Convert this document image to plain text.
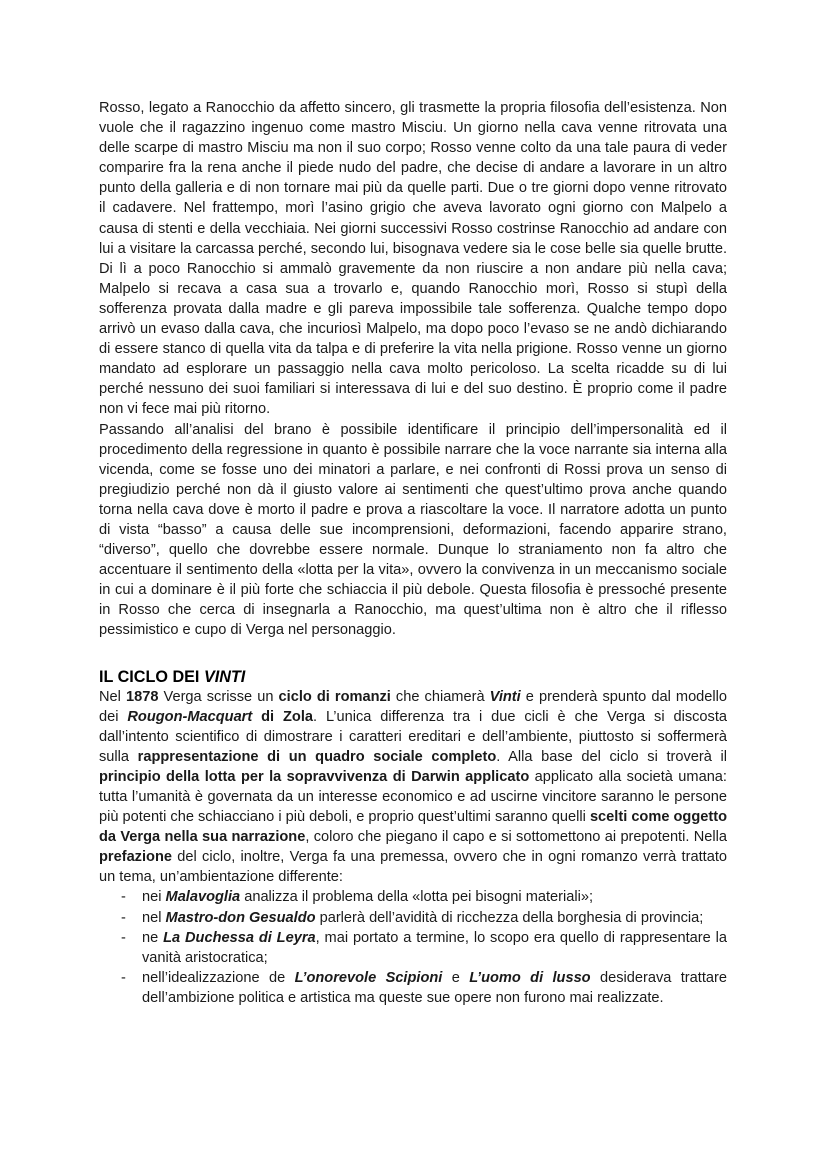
Rosso, legato a Ranocchio da affetto sincero, gli trasmette la propria filosofia dell’esistenza. Non vuole che il ragazzino ingenuo come mastro Misciu. Un giorno nella cava venne ritrovata una delle scarpe di mastro Misciu ma non il suo corpo; Rosso venne colto da una tale paura di veder comparire fra la rena anche il piede nudo del padre, che decise di andare a lavorare in un altro punto della galleria e di non tornare mai più da quelle parti. Due o tre giorni dopo venne ritrovato il cadavere. Nel frattempo, morì l’asino grigio che aveva lavorato ogni giorno con Malpelo a causa di stenti e della vecchiaia. Nei giorni successivi Rosso costrinse Ranocchio ad andare con lui a visitare la carcassa perché, secondo lui, bisognava vedere sia le cose belle sia quelle brutte. Di lì a poco Ranocchio si ammalò gravemente da non riuscire a non andare più nella cava; Malpelo si recava a casa sua a trovarlo e, quando Ranocchio morì, Rosso si stupì della sofferenza provata dalla madre e gli pareva impossibile tale sofferenza. Qualche tempo dopo arrivò un evaso dalla cava, che incuriosì Malpelo, ma dopo poco l’evaso se ne andò dichiarando di essere stanco di quella vita da talpa e di preferire la vita nella prigione. Rosso venne un giorno mandato ad esplorare un passaggio nella cava molto pericoloso. La scelta ricadde su di lui perché nessuno dei suoi familiari si interessava di lui e del suo destino. È proprio come il padre non vi fece mai più ritorno.

Passando all’analisi del brano è possibile identificare il principio dell’impersonalità ed il procedimento della regressione in quanto è possibile narrare che la voce narrante sia interna alla vicenda, come se fosse uno dei minatori a parlare, e nei confronti di Rossi prova un senso di pregiudizio perché non dà il giusto valore ai sentimenti che quest’ultimo prova anche quando torna nella cava dove è morto il padre e prova a riascoltare la voce. Il narratore adotta un punto di vista “basso” a causa delle sue incomprensioni, deformazioni, facendo apparire strano, “diverso”, quello che dovrebbe essere normale. Dunque lo straniamento non fa altro che accentuare il sentimento della «lotta per la vita», ovvero la convivenza in un meccanismo sociale in cui a dominare è il più forte che schiaccia il più debole. Questa filosofia è pressoché presente in Rosso che cerca di insegnarla a Ranocchio, ma quest’ultima non è altro che il riflesso pessimistico e cupo di Verga nel personaggio.

IL CICLO DEI VINTI

Nel 1878 Verga scrisse un ciclo di romanzi che chiamerà Vinti e prenderà spunto dal modello dei Rougon-Macquart di Zola. L’unica differenza tra i due cicli è che Verga si discosta dall’intento scientifico di dimostrare i caratteri ereditari e dell’ambiente, piuttosto si soffermerà sulla rappresentazione di un quadro sociale completo. Alla base del ciclo si troverà il principio della lotta per la sopravvivenza di Darwin applicato applicato alla società umana: tutta l’umanità è governata da un interesse economico e ad uscirne vincitore saranno le persone più potenti che schiacciano i più deboli, e proprio quest’ultimi saranno quelli scelti come oggetto da Verga nella sua narrazione, coloro che piegano il capo e si sottomettono ai prepotenti. Nella prefazione del ciclo, inoltre, Verga fa una premessa, ovvero che in ogni romanzo verrà trattato un tema, un’ambientazione differente:

- nei Malavoglia analizza il problema della «lotta pei bisogni materiali»;
- nel Mastro-don Gesualdo parlerà dell’avidità di ricchezza della borghesia di provincia;
- ne La Duchessa di Leyra, mai portato a termine, lo scopo era quello di rappresentare la vanità aristocratica;
- nell’idealizzazione de L’onorevole Scipioni e L’uomo di lusso desiderava trattare dell’ambizione politica e artistica ma queste sue opere non furono mai realizzate.
